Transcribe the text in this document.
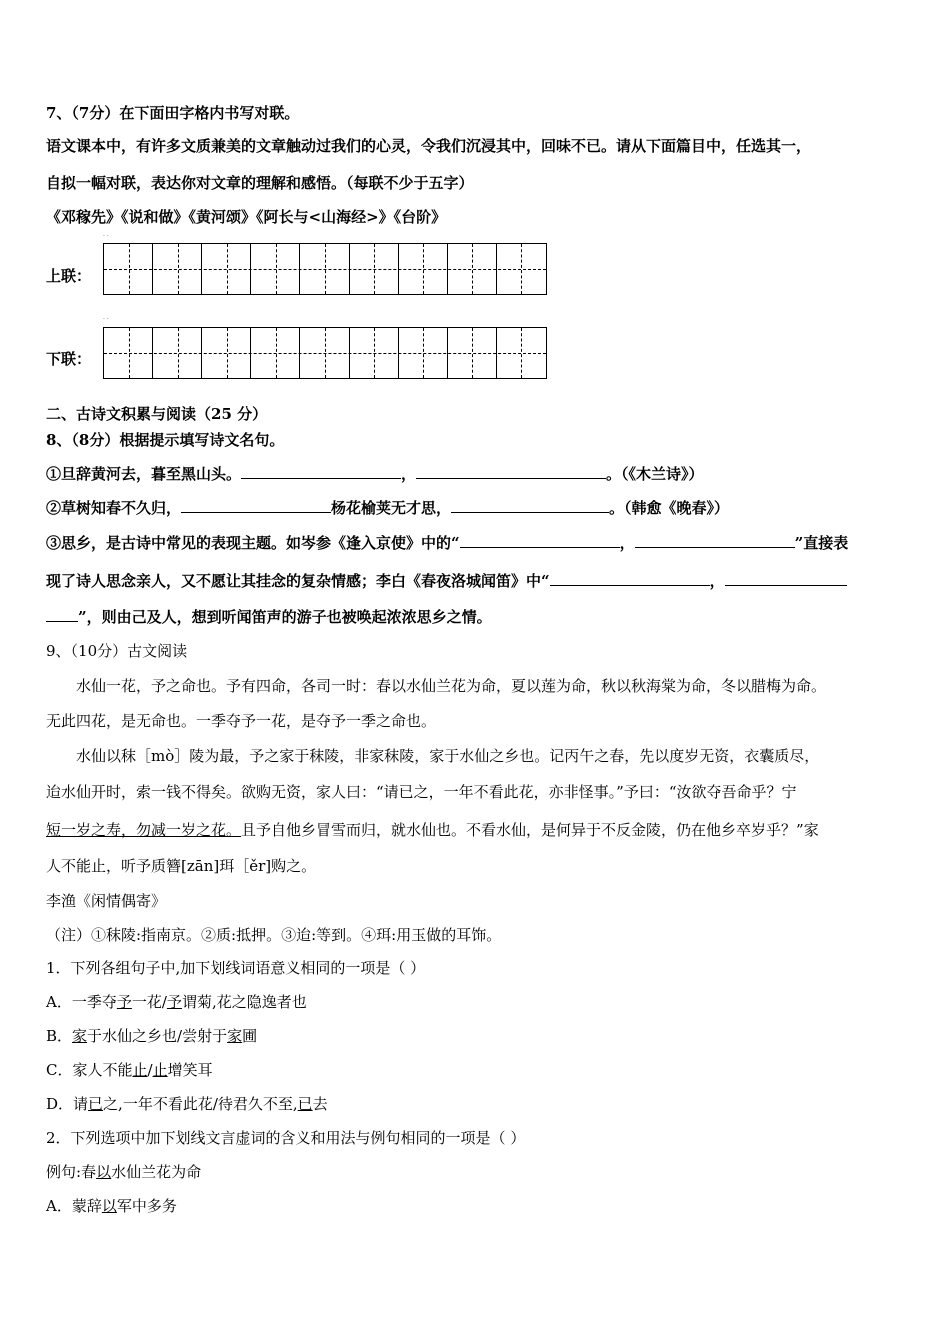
7、（7分）在下面田字格内书写对联。
语文课本中，有许多文质兼美的文章触动过我们的心灵，令我们沉浸其中，回味不已。请从下面篇目中，任选其一，
自拟一幅对联，表达你对文章的理解和感悟。（每联不少于五字）
《邓稼先》《说和做》《黄河颂》《阿长与<山海经>》《台阶》
· ·
上联：
· ·
下联：
二、古诗文积累与阅读（25 分）
8、（8分）根据提示填写诗文名句。
①旦辞黄河去，暮至黑山头。	，	。（《木兰诗》）
②草树知春不久归，	杨花榆荚无才思，	。（韩愈《晚春》）
③思乡，是古诗中常见的表现主题。如岑参《逢入京使》中的“	，	”直接表
现了诗人思念亲人，又不愿让其挂念的复杂情感；李白《春夜洛城闻笛》中“	，
”，则由己及人，想到听闻笛声的游子也被唤起浓浓思乡之情。
9、（10分）古文阅读
水仙一花，予之命也。予有四命，各司一时：春以水仙兰花为命，夏以莲为命，秋以秋海棠为命，冬以腊梅为命。
无此四花，是无命也。一季夺予一花，是夺予一季之命也。
水仙以秣［mò］陵为最，予之家于秣陵，非家秣陵，家于水仙之乡也。记丙午之春，先以度岁无资，衣囊质尽，
迨水仙开时，索一钱不得矣。欲购无资，家人曰：“请已之，一年不看此花，亦非怪事。”予曰：“汝欲夺吾命乎？宁
短一岁之寿，勿减一岁之花。且予自他乡冒雪而归，就水仙也。不看水仙，是何异于不反金陵，仍在他乡卒岁乎？”家
人不能止，听予质簪[zān]珥［ěr]购之。
李渔《闲情偶寄》
（注）①秣陵:指南京。②质:抵押。③迨:等到。④珥:用玉做的耳饰。
1．下列各组句子中,加下划线词语意义相同的一项是（ ）
A．一季夺予一花/予谓菊,花之隐逸者也
B．家于水仙之乡也/尝射于家圃
C．家人不能止/止增笑耳
D．请已之,一年不看此花/待君久不至,已去
2．下列选项中加下划线文言虚词的含义和用法与例句相同的一项是（ ）
例句:春以水仙兰花为命
A．蒙辞以军中多务
